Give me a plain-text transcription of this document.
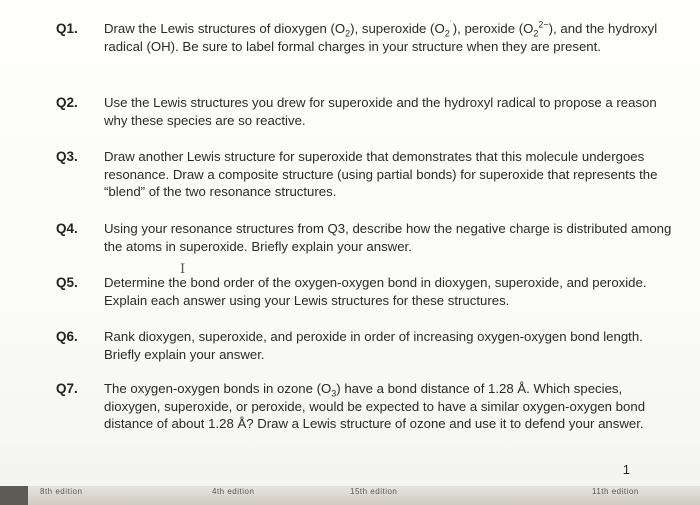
Q1.	Draw the Lewis structures of dioxygen $(O_2)$, superoxide $(O_2^˙)$, peroxide $(O_2^{2-})$, and the hydroxyl radical (OH). Be sure to label formal charges in your structure when they are present.
Q2.	Use the Lewis structures you drew for superoxide and the hydroxyl radical to propose a reason why these species are so reactive.
Q3.	Draw another Lewis structure for superoxide that demonstrates that this molecule undergoes resonance. Draw a composite structure (using partial bonds) for superoxide that represents the “blend” of the two resonance structures.
Q4.	Using your resonance structures from Q3, describe how the negative charge is distributed among the atoms in superoxide. Briefly explain your answer.
Q5.	Determine the bond order of the oxygen-oxygen bond in dioxygen, superoxide, and peroxide. Explain each answer using your Lewis structures for these structures.
Q6.	Rank dioxygen, superoxide, and peroxide in order of increasing oxygen-oxygen bond length. Briefly explain your answer.
Q7.	The oxygen-oxygen bonds in ozone $(O_3)$ have a bond distance of 1.28 Å. Which species, dioxygen, superoxide, or peroxide, would be expected to have a similar oxygen-oxygen bond distance of about 1.28 Å? Draw a Lewis structure of ozone and use it to defend your answer.
I
1
8th edition	4th edition	15th edition	11th edition
